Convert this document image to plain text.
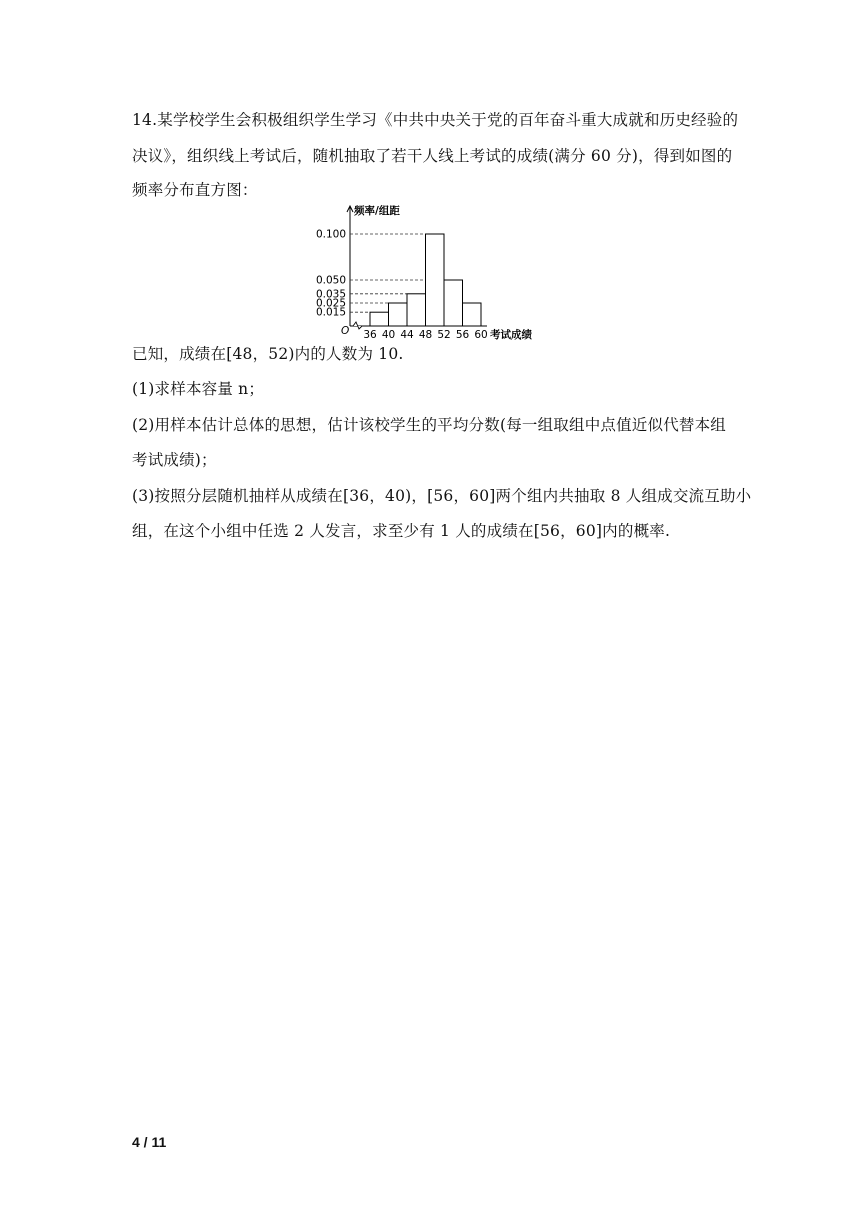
14.某学校学生会积极组织学生学习《中共中央关于党的百年奋斗重大成就和历史经验的
决议》，组织线上考试后，随机抽取了若干人线上考试的成绩(满分 60 分)，得到如图的
频率分布直方图：
0.015
0.025
0.035
0.050
0.100
36 40 44 48 52 56 60
频率/组距
考试成绩
O
已知，成绩在[48，52)内的人数为 10.
(1)求样本容量 n；
(2)用样本估计总体的思想，估计该校学生的平均分数(每一组取组中点值近似代替本组
考试成绩)；
(3)按照分层随机抽样从成绩在[36，40)，[56，60]两个组内共抽取 8 人组成交流互助小
组，在这个小组中任选 2 人发言，求至少有 1 人的成绩在[56，60]内的概率.
4 / 11
